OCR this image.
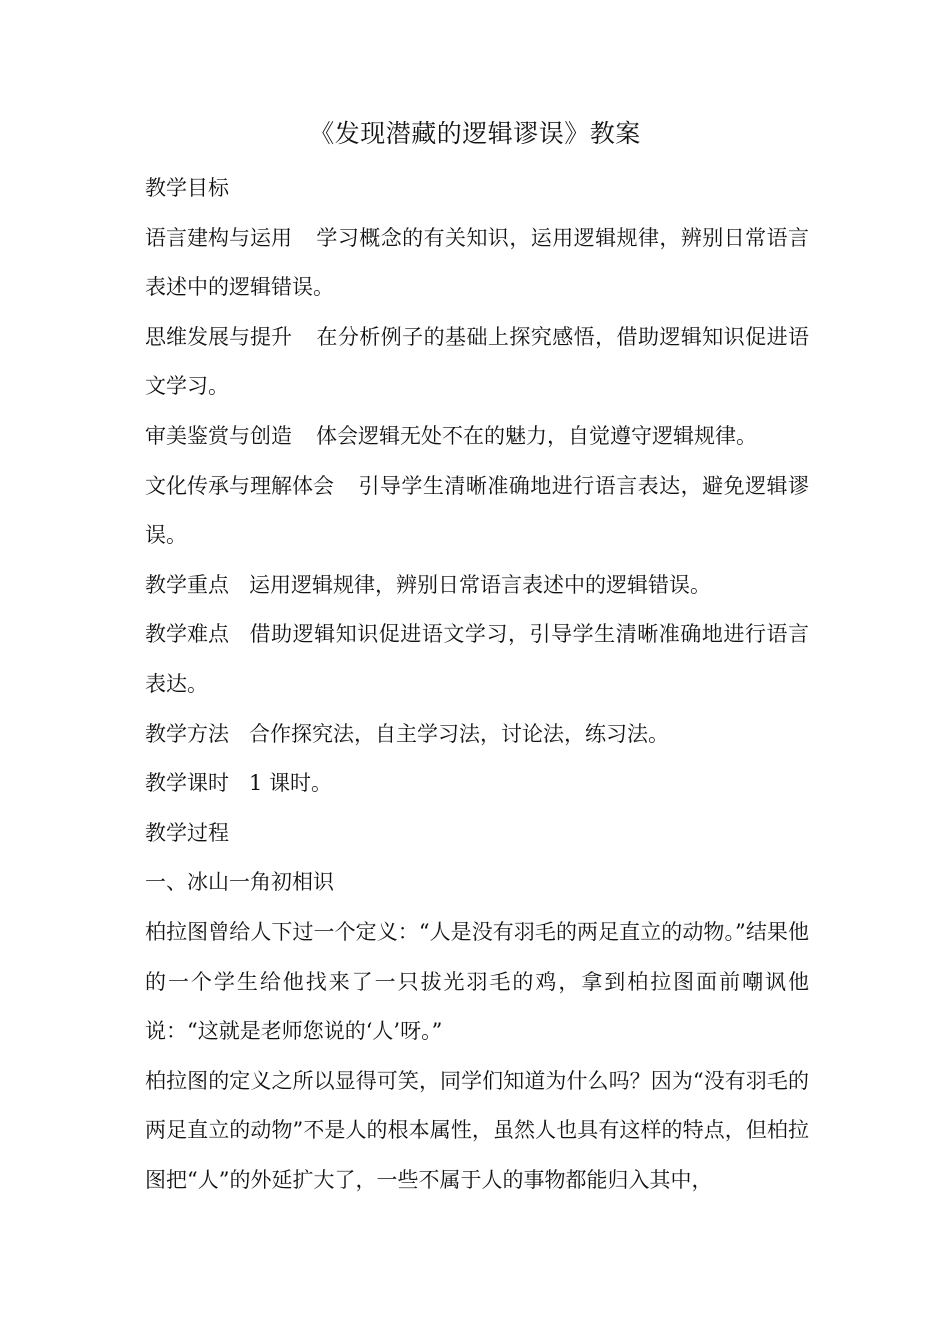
《发现潜藏的逻辑谬误》教案

教学目标

语言建构与运用 学习概念的有关知识，运用逻辑规律，辨别日常语言表述中的逻辑错误。

思维发展与提升 在分析例子的基础上探究感悟，借助逻辑知识促进语文学习。

审美鉴赏与创造 体会逻辑无处不在的魅力，自觉遵守逻辑规律。

文化传承与理解体会 引导学生清晰准确地进行语言表达，避免逻辑谬误。

教学重点 运用逻辑规律，辨别日常语言表述中的逻辑错误。

教学难点 借助逻辑知识促进语文学习，引导学生清晰准确地进行语言表达。

教学方法 合作探究法，自主学习法，讨论法，练习法。

教学课时 1 课时。

教学过程

一、冰山一角初相识

柏拉图曾给人下过一个定义：“人是没有羽毛的两足直立的动物。”结果他的一个学生给他找来了一只拔光羽毛的鸡，拿到柏拉图面前嘲讽他说：“这就是老师您说的‘人’呀。”

柏拉图的定义之所以显得可笑，同学们知道为什么吗？因为“没有羽毛的两足直立的动物”不是人的根本属性，虽然人也具有这样的特点，但柏拉图把“人”的外延扩大了，一些不属于人的事物都能归入其中，
